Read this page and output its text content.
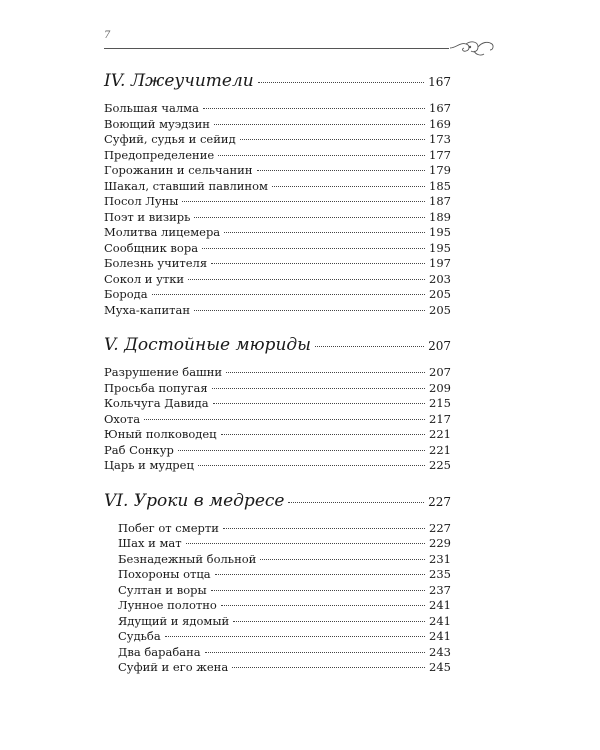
7
IV. Лжеучители	167
Большая чалма	167
Воющий муэдзин	169
Суфий, судья и сейид	173
Предопределение	177
Горожанин и сельчанин	179
Шакал, ставший павлином	185
Посол Луны	187
Поэт и визирь	189
Молитва лицемера	195
Сообщник вора	195
Болезнь учителя	197
Сокол и утки	203
Борода	205
Муха-капитан	205
V. Достойные мюриды	207
Разрушение башни	207
Просьба попугая	209
Кольчуга Давида	215
Охота	217
Юный полководец	221
Раб Сонкур	221
Царь и мудрец	225
VI. Уроки в медресе	227
Побег от смерти	227
Шах и мат	229
Безнадежный больной	231
Похороны отца	235
Султан и воры	237
Лунное полотно	241
Ядущий и ядомый	241
Судьба	241
Два барабана	243
Суфий и его жена	245
